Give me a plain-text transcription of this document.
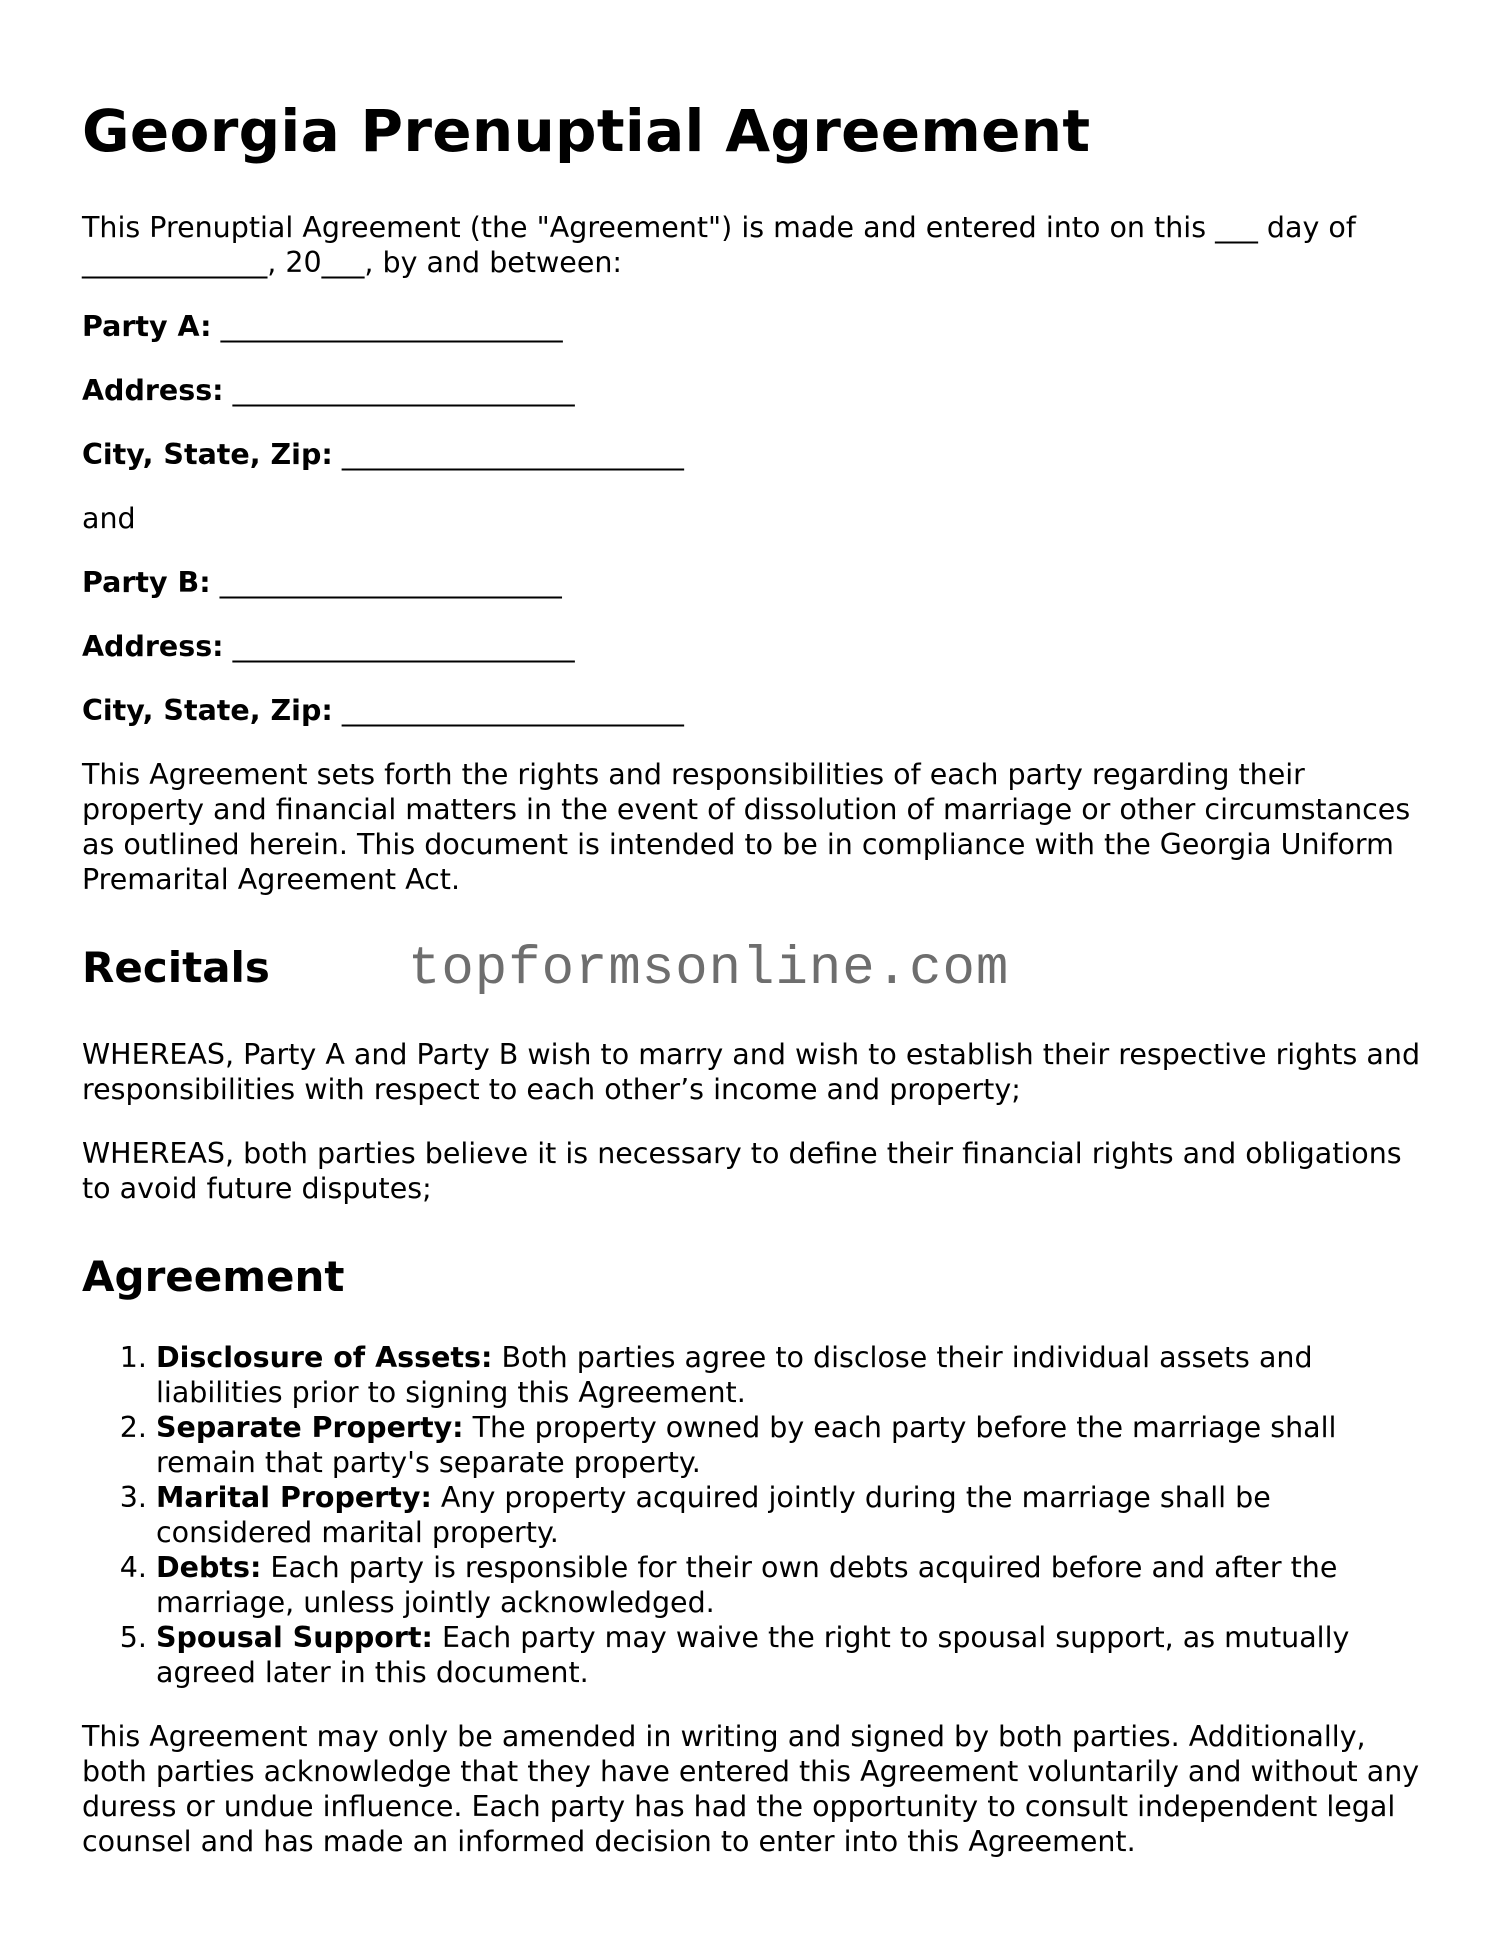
Georgia Prenuptial Agreement

This Prenuptial Agreement (the "Agreement") is made and entered into on this ___ day of _____________, 20___, by and between:

Party A: ________________________
Address: ________________________
City, State, Zip: ________________________

and

Party B: ________________________
Address: ________________________
City, State, Zip: ________________________

This Agreement sets forth the rights and responsibilities of each party regarding their property and financial matters in the event of dissolution of marriage or other circumstances as outlined herein. This document is intended to be in compliance with the Georgia Uniform Premarital Agreement Act.

Recitals	topformsonline.com

WHEREAS, Party A and Party B wish to marry and wish to establish their respective rights and responsibilities with respect to each other’s income and property;

WHEREAS, both parties believe it is necessary to define their financial rights and obligations to avoid future disputes;

Agreement
1. Disclosure of Assets: Both parties agree to disclose their individual assets and liabilities prior to signing this Agreement.
2. Separate Property: The property owned by each party before the marriage shall remain that party's separate property.
3. Marital Property: Any property acquired jointly during the marriage shall be considered marital property.
4. Debts: Each party is responsible for their own debts acquired before and after the marriage, unless jointly acknowledged.
5. Spousal Support: Each party may waive the right to spousal support, as mutually agreed later in this document.

This Agreement may only be amended in writing and signed by both parties. Additionally, both parties acknowledge that they have entered this Agreement voluntarily and without any duress or undue influence. Each party has had the opportunity to consult independent legal counsel and has made an informed decision to enter into this Agreement.
